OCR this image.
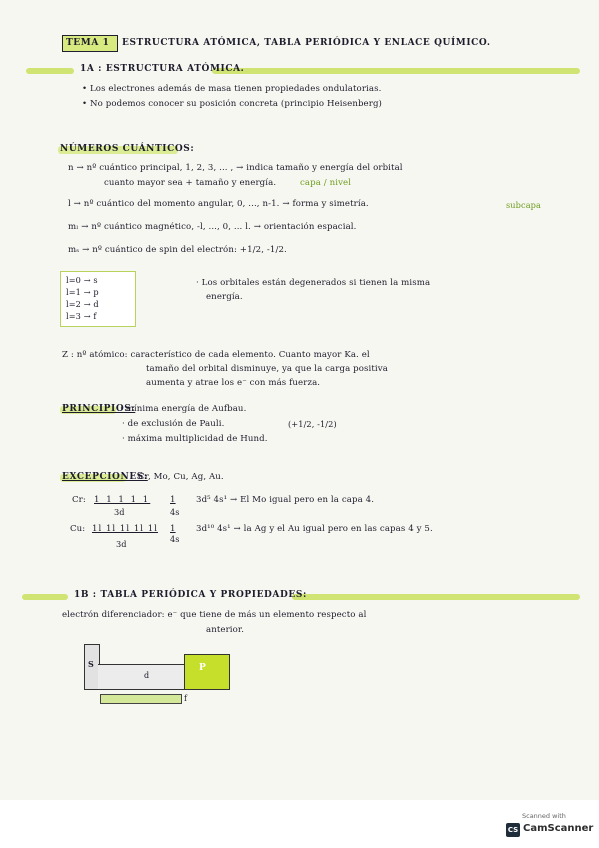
TEMA 1 ESTRUCTURA ATÓMICA, TABLA PERIÓDICA Y ENLACE QUÍMICO.
1A : ESTRUCTURA ATÓMICA.
• Los electrones además de masa tienen propiedades ondulatorias.
• No podemos conocer su posición concreta (principio Heisenberg)
NÚMEROS CUÁNTICOS:
n → nº cuántico principal, 1, 2, 3, ... , → indica tamaño y energía del orbital
cuanto mayor sea + tamaño y energía.	capa / nivel
l → nº cuántico del momento angular, 0, ..., n-1. → forma y simetría.	subcapa
mₗ → nº cuántico magnético, -l, ..., 0, ... l. → orientación espacial.
mₛ → nº cuántico de spin del electrón: +1/2, -1/2.
l=0 → s
l=1 → p
l=2 → d
l=3 → f
· Los orbitales están degenerados si tienen la misma
energía.
Z : nº atómico: característico de cada elemento. Cuanto mayor Ka. el
tamaño del orbital disminuye, ya que la carga positiva
aumenta y atrae los e⁻ con más fuerza.
PRINCIPIOS:
· mínima energía de Aufbau.
· de exclusión de Pauli.	(+1/2, -1/2)
· máxima multiplicidad de Hund.
EXCEPCIONES:
Cr, Mo, Cu, Ag, Au.
Cr: 1 1 1 1 1 1
3d	4s
3d⁵ 4s¹ → El Mo igual pero en la capa 4.
Cu: 1l 1l 1l 1l 1l 1
3d	4s
3d¹⁰ 4s¹ → la Ag y el Au igual pero en las capas 4 y 5.
1B : TABLA PERIÓDICA Y PROPIEDADES:
electrón diferenciador: e⁻ que tiene de más un elemento respecto al
anterior.
S
d
P
f
Scanned with
CS CamScanner
